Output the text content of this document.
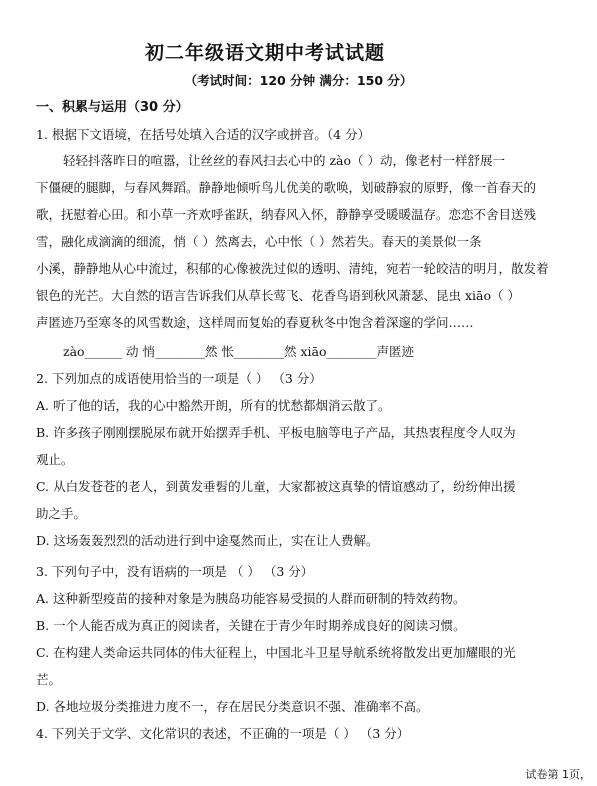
初二年级语文期中考试试题
（考试时间：120 分钟 满分：150 分）
一、积累与运用（30 分）
1. 根据下文语境，在括号处填入合适的汉字或拼音。（4 分）
轻轻抖落昨日的喧嚣，让丝丝的春风扫去心中的 zào（ ）动，像老村一样舒展一
下僵硬的腿脚，与春风舞蹈。静静地倾听鸟儿优美的歌唤，划破静寂的原野，像一首春天的
歌，抚慰着心田。和小草一齐欢呼雀跃，纳春风入怀，静静享受暖暖温存。恋恋不舍目送残
雪，融化成滴滴的细流，悄（ ）然离去，心中怅（ ）然若失。春天的美景似一条
小溪，静静地从心中流过，积郁的心像被洗过似的透明、清纯，宛若一轮皎洁的明月，散发着
银色的光芒。大自然的语言告诉我们从草长莺飞、花香鸟语到秋风萧瑟、昆虫 xiāo（ ）
声匿迹乃至寒冬的风雪数途，这样周而复始的春夏秋冬中饱含着深邃的学问……
zào______ 动 悄________然 怅________然 xiāo________声匿迹
2. 下列加点的成语使用恰当的一项是（ ） （3 分）
A. 听了他的话，我的心中豁然开朗，所有的忧愁都烟消云散了。
B. 许多孩子刚刚摆脱尿布就开始摆弄手机、平板电脑等电子产品，其热衷程度令人叹为
观止。
C. 从白发苍苍的老人，到黄发垂髫的儿童，大家都被这真挚的情谊感动了，纷纷伸出援
助之手。
D. 这场轰轰烈烈的活动进行到中途戛然而止，实在让人费解。
3. 下列句子中，没有语病的一项是 （ ） （3 分）
A. 这种新型疫苗的接种对象是为胰岛功能容易受损的人群而研制的特效药物。
B. 一个人能否成为真正的阅读者，关键在于青少年时期养成良好的阅读习惯。
C. 在构建人类命运共同体的伟大征程上，中国北斗卫星导航系统将散发出更加耀眼的光
芒。
D. 各地垃圾分类推进力度不一，存在居民分类意识不强、准确率不高。
4. 下列关于文学、文化常识的表述，不正确的一项是（ ） （3 分）
试卷第 1页，
